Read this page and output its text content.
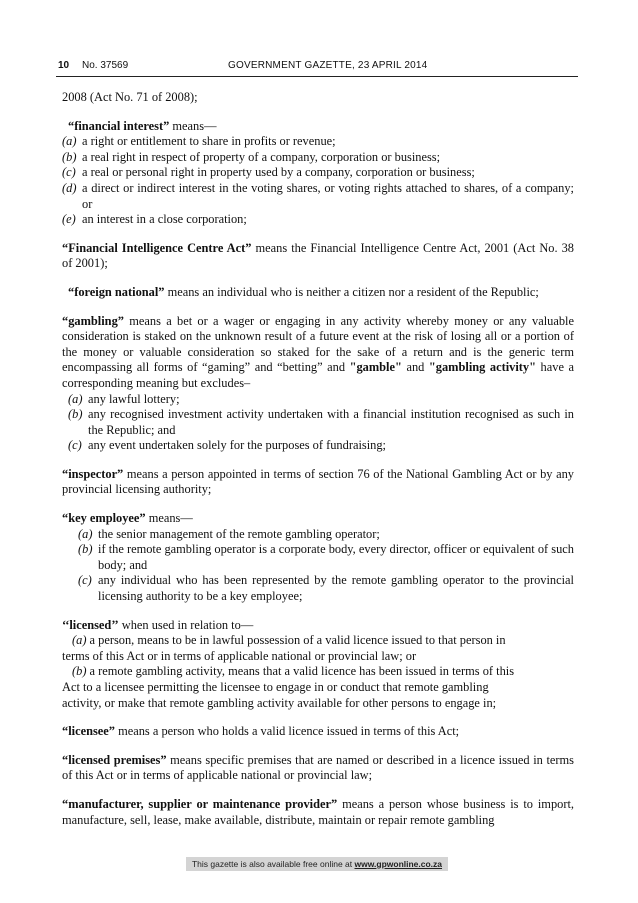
10 No. 37569	GOVERNMENT GAZETTE, 23 APRIL 2014

2008 (Act No. 71 of 2008);

“financial interest” means—

(a) a right or entitlement to share in profits or revenue;
(b) a real right in respect of property of a company, corporation or business;
(c) a real or personal right in property used by a company, corporation or business;
(d) a direct or indirect interest in the voting shares, or voting rights attached to shares, of a company; or
(e) an interest in a close corporation;

“Financial Intelligence Centre Act” means the Financial Intelligence Centre Act, 2001 (Act No. 38 of 2001);

“foreign national” means an individual who is neither a citizen nor a resident of the Republic;

“gambling” means a bet or a wager or engaging in any activity whereby money or any valuable consideration is staked on the unknown result of a future event at the risk of losing all or a portion of the money or valuable consideration so staked for the sake of a return and is the generic term encompassing all forms of “gaming” and “betting” and "gamble" and "gambling activity" have a corresponding meaning but excludes–

(a) any lawful lottery;
(b) any recognised investment activity undertaken with a financial institution recognised as such in the Republic; and
(c) any event undertaken solely for the purposes of fundraising;

“inspector” means a person appointed in terms of section 76 of the National Gambling Act or by any provincial licensing authority;

“key employee” means—

(a) the senior management of the remote gambling operator;
(b) if the remote gambling operator is a corporate body, every director, officer or equivalent of such body; and
(c) any individual who has been represented by the remote gambling operator to the provincial licensing authority to be a key employee;

‘‘licensed’’ when used in relation to—

(a) a person, means to be in lawful possession of a valid licence issued to that person in

terms of this Act or in terms of applicable national or provincial law; or

(b) a remote gambling activity, means that a valid licence has been issued in terms of this

Act to a licensee permitting the licensee to engage in or conduct that remote gambling

activity, or make that remote gambling activity available for other persons to engage in;

“licensee” means a person who holds a valid licence issued in terms of this Act;

“licensed premises” means specific premises that are named or described in a licence issued in terms of this Act or in terms of applicable national or provincial law;

“manufacturer, supplier or maintenance provider” means a person whose business is to import, manufacture, sell, lease, make available, distribute, maintain or repair remote gambling

This gazette is also available free online at www.gpwonline.co.za
